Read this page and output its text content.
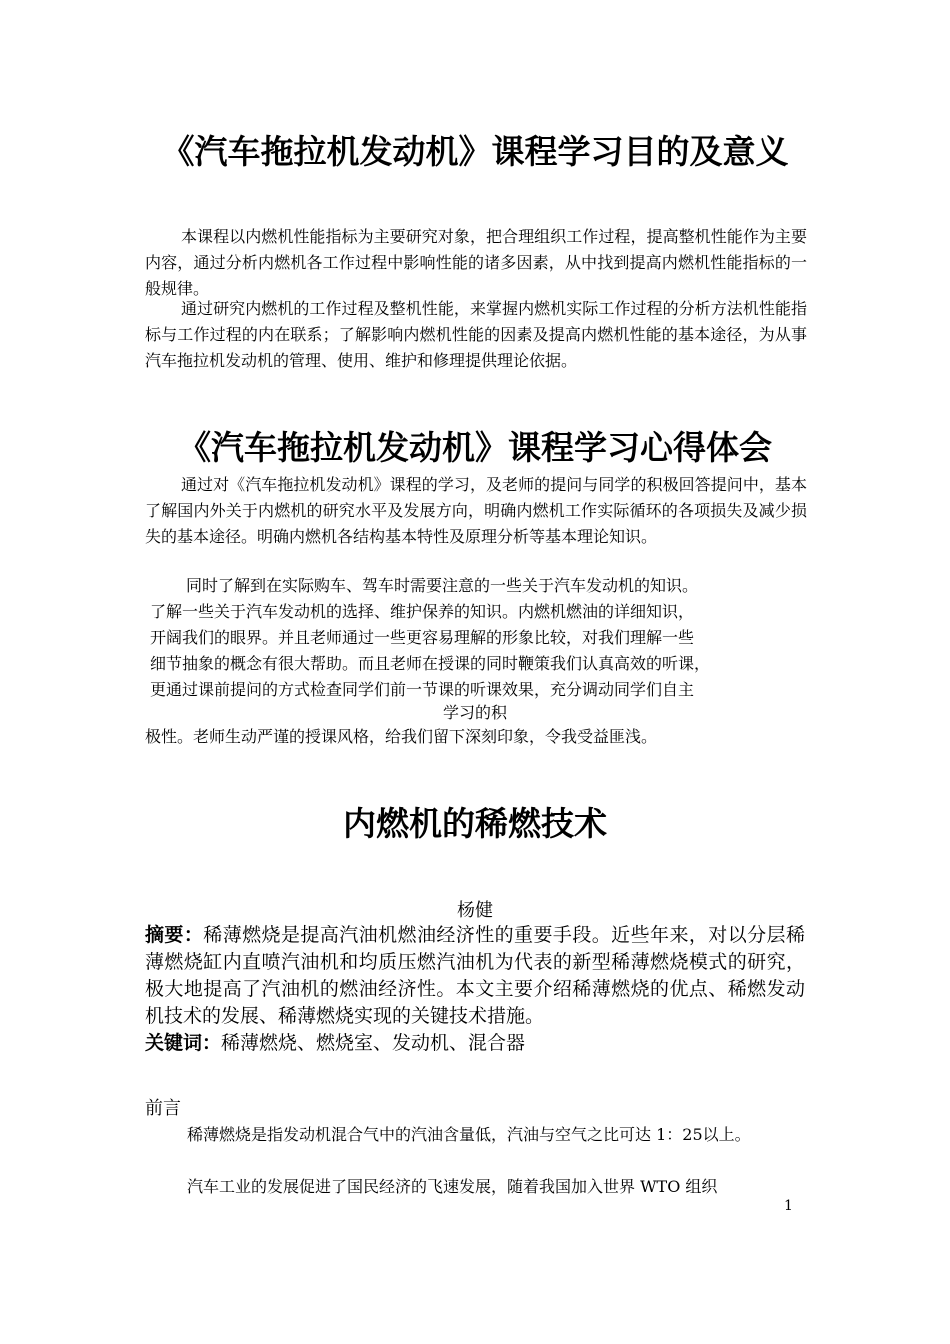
《汽车拖拉机发动机》课程学习目的及意义

本课程以内燃机性能指标为主要研究对象，把合理组织工作过程，提高整机性能作为主要内容，通过分析内燃机各工作过程中影响性能的诸多因素，从中找到提高内燃机性能指标的一般规律。

通过研究内燃机的工作过程及整机性能，来掌握内燃机实际工作过程的分析方法机性能指标与工作过程的内在联系；了解影响内燃机性能的因素及提高内燃机性能的基本途径，为从事汽车拖拉机发动机的管理、使用、维护和修理提供理论依据。

《汽车拖拉机发动机》课程学习心得体会

通过对《汽车拖拉机发动机》课程的学习，及老师的提问与同学的积极回答提问中，基本了解国内外关于内燃机的研究水平及发展方向，明确内燃机工作实际循环的各项损失及减少损失的基本途径。明确内燃机各结构基本特性及原理分析等基本理论知识。

同时了解到在实际购车、驾车时需要注意的一些关于汽车发动机的知识。

了解一些关于汽车发动机的选择、维护保养的知识。内燃机燃油的详细知识，

开阔我们的眼界。并且老师通过一些更容易理解的形象比较，对我们理解一些

细节抽象的概念有很大帮助。而且老师在授课的同时鞭策我们认真高效的听课，

更通过课前提问的方式检查同学们前一节课的听课效果，充分调动同学们自主

学习的积

极性。老师生动严谨的授课风格，给我们留下深刻印象，令我受益匪浅。

内燃机的稀燃技术

杨健

摘要：稀薄燃烧是提高汽油机燃油经济性的重要手段。近些年来，对以分层稀薄燃烧缸内直喷汽油机和均质压燃汽油机为代表的新型稀薄燃烧模式的研究，极大地提高了汽油机的燃油经济性。本文主要介绍稀薄燃烧的优点、稀燃发动机技术的发展、稀薄燃烧实现的关键技术措施。

关键词：稀薄燃烧、燃烧室、发动机、混合器

前言

稀薄燃烧是指发动机混合气中的汽油含量低，汽油与空气之比可达 1：25以上。

汽车工业的发展促进了国民经济的飞速发展，随着我国加入世界 WTO 组织

1
